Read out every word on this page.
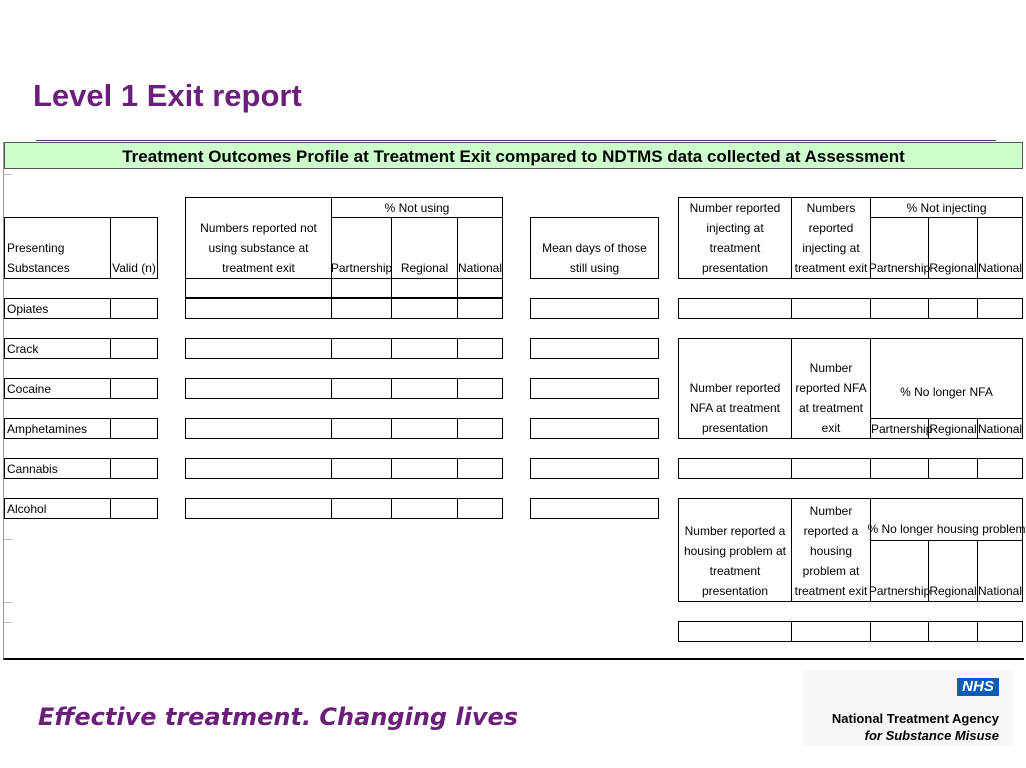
Level 1 Exit report
Treatment Outcomes Profile at Treatment Exit compared to NDTMS data collected at Assessment
Presenting Substances	Valid (n)
Numbers reported not using substance at treatment exit
% Not using
Partnership Regional National
Mean days of those still using
Number reported injecting at treatment presentation
Numbers reported injecting at treatment exit
% Not injecting
Partnership Regional National
Opiates
Crack
Cocaine
Amphetamines
Cannabis
Alcohol
Number reported NFA at treatment presentation
Number reported NFA at treatment exit
% No longer NFA
Partnership
Regional National
Number reported a housing problem at treatment presentation
Number reported a housing problem at treatment exit
% No longer housing problem
Partnership Regional National
Effective treatment. Changing lives
NHS
National Treatment Agency
for Substance Misuse
